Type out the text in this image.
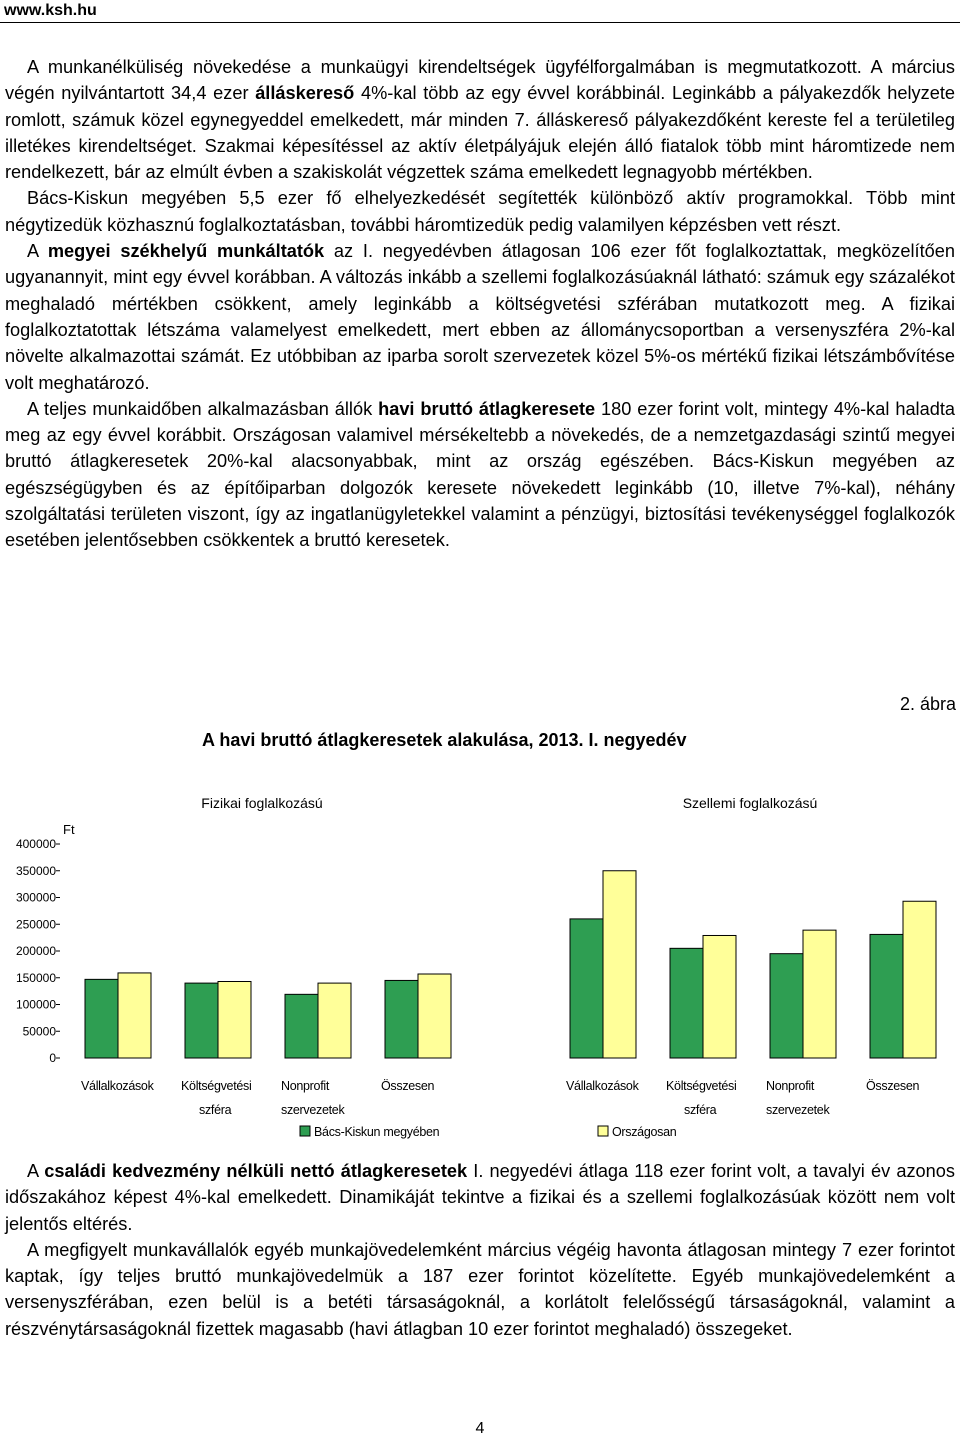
www.ksh.hu

A munkanélküliség növekedése a munkaügyi kirendeltségek ügyfélforgalmában is megmutatkozott. A március végén nyilvántartott 34,4 ezer álláskereső 4%-kal több az egy évvel korábbinál. Leginkább a pályakezdők helyzete romlott, számuk közel egynegyeddel emelkedett, már minden 7. álláskereső pályakezdőként kereste fel a területileg illetékes kirendeltséget. Szakmai képesítéssel az aktív életpályájuk elején álló fiatalok több mint háromtizede nem rendelkezett, bár az elmúlt évben a szakiskolát végzettek száma emelkedett legnagyobb mértékben.

Bács-Kiskun megyében 5,5 ezer fő elhelyezkedését segítették különböző aktív programokkal. Több mint négytizedük közhasznú foglalkoztatásban, további háromtizedük pedig valamilyen képzésben vett részt.

A megyei székhelyű munkáltatók az I. negyedévben átlagosan 106 ezer főt foglalkoztattak, megközelítően ugyanannyit, mint egy évvel korábban. A változás inkább a szellemi foglalkozásúaknál látható: számuk egy százalékot meghaladó mértékben csökkent, amely leginkább a költségvetési szférában mutatkozott meg. A fizikai foglalkoztatottak létszáma valamelyest emelkedett, mert ebben az állománycsoportban a versenyszféra 2%-kal növelte alkalmazottai számát. Ez utóbbiban az iparba sorolt szervezetek közel 5%-os mértékű fizikai létszámbővítése volt meghatározó.

A teljes munkaidőben alkalmazásban állók havi bruttó átlagkeresete 180 ezer forint volt, mintegy 4%-kal haladta meg az egy évvel korábbit. Országosan valamivel mérsékeltebb a növekedés, de a nemzetgazdasági szintű megyei bruttó átlagkeresetek 20%-kal alacsonyabbak, mint az ország egészében. Bács-Kiskun megyében az egészségügyben és az építőiparban dolgozók keresete növekedett leginkább (10, illetve 7%-kal), néhány szolgáltatási területen viszont, így az ingatlanügyletekkel valamint a pénzügyi, biztosítási tevékenységgel foglalkozók esetében jelentősebben csökkentek a bruttó keresetek.

2. ábra
A havi bruttó átlagkeresetek alakulása, 2013. I. negyedév
0
50000
100000
150000
200000
250000
300000
350000
400000
Ft
Fizikai foglalkozású
Vállalkozások Költségvetési
szféra
Nonprofit
szervezetek
Összesen
Szellemi foglalkozású
Vállalkozások Költségvetési
szféra
Nonprofit
szervezetek
Összesen
Bács-Kiskun megyében	Országosan

A családi kedvezmény nélküli nettó átlagkeresetek I. negyedévi átlaga 118 ezer forint volt, a tavalyi év azonos időszakához képest 4%-kal emelkedett. Dinamikáját tekintve a fizikai és a szellemi foglalkozásúak között nem volt jelentős eltérés.

A megfigyelt munkavállalók egyéb munkajövedelemként március végéig havonta átlagosan mintegy 7 ezer forintot kaptak, így teljes bruttó munkajövedelmük a 187 ezer forintot közelítette. Egyéb munkajövedelemként a versenyszférában, ezen belül is a betéti társaságoknál, a korlátolt felelősségű társaságoknál, valamint a részvénytársaságoknál fizettek magasabb (havi átlagban 10 ezer forintot meghaladó) összegeket.

4
